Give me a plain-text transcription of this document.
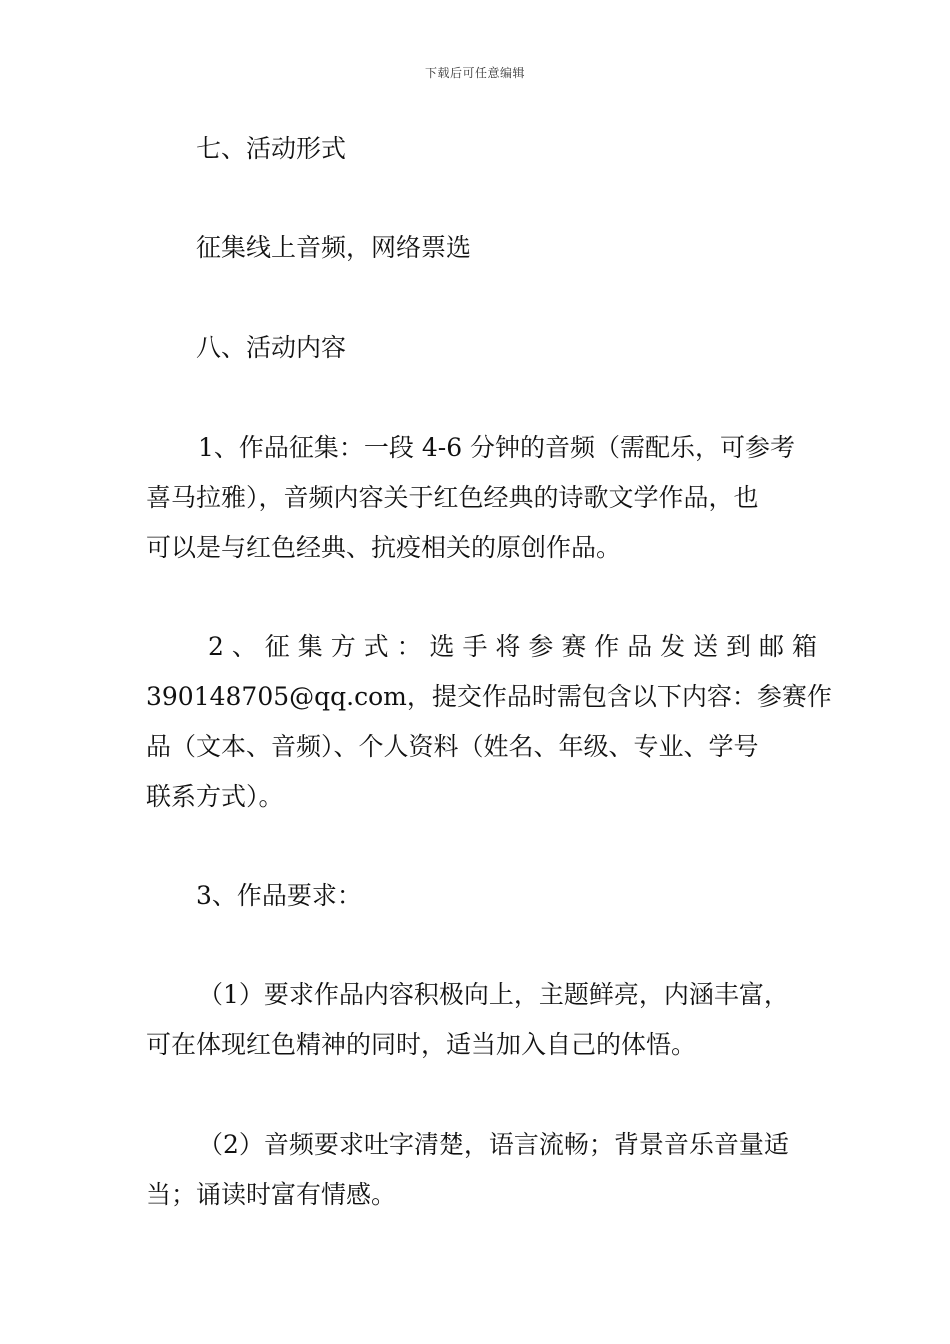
下载后可任意编辑

七、活动形式

征集线上音频，网络票选

八、活动内容

1、作品征集：一段 4-6 分钟的音频（需配乐，可参考
喜马拉雅），音频内容关于红色经典的诗歌文学作品，也
可以是与红色经典、抗疫相关的原创作品。
2 、 征 集 方 式 ： 选 手 将 参 赛 作 品 发 送 到 邮 箱
390148705@qq.com，提交作品时需包含以下内容：参赛作
品（文本、音频）、个人资料（姓名、年级、专业、学号
联系方式）。

3、作品要求：

（1）要求作品内容积极向上，主题鲜亮，内涵丰富，
可在体现红色精神的同时，适当加入自己的体悟。
（2）音频要求吐字清楚，语言流畅；背景音乐音量适
当；诵读时富有情感。
